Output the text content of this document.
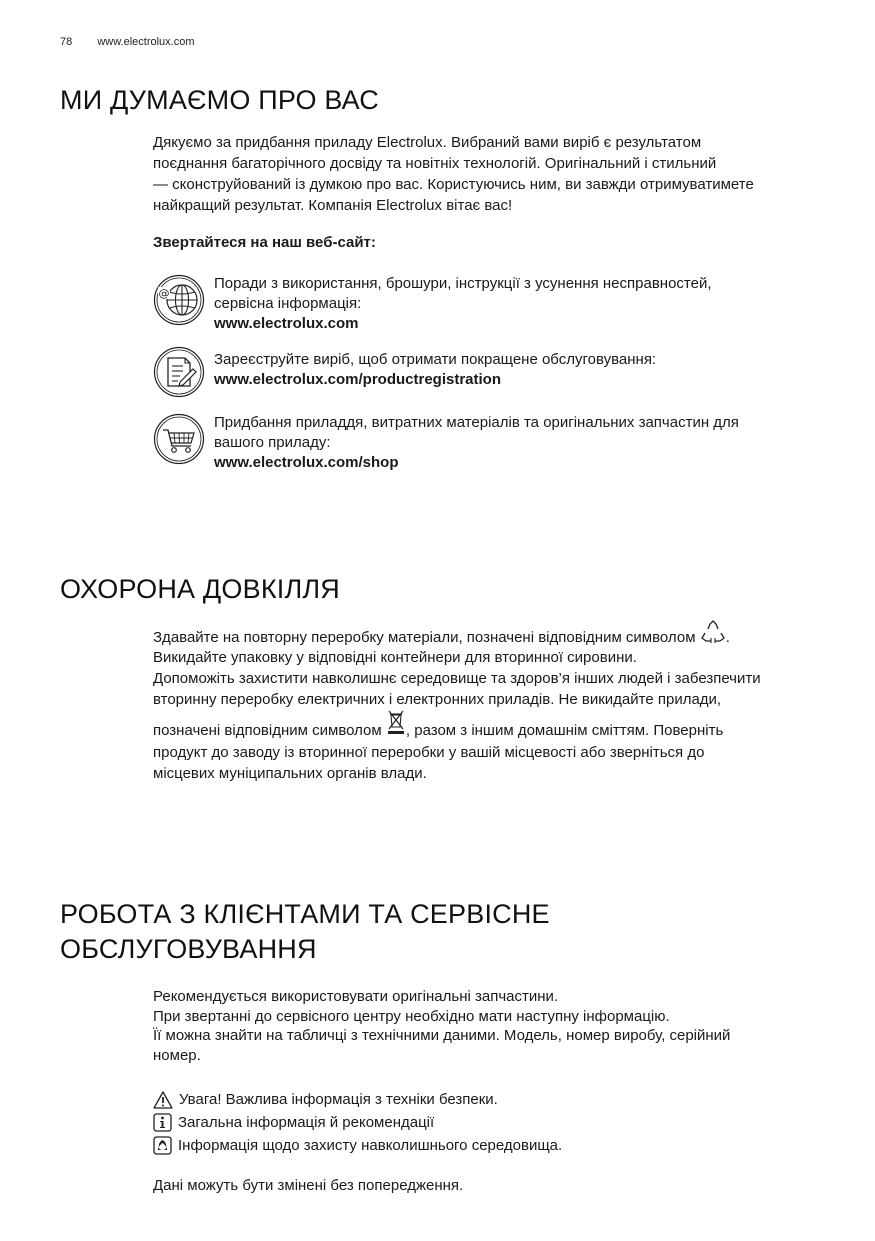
78 www.electrolux.com
МИ ДУМАЄМО ПРО ВАС

Дякуємо за придбання приладу Electrolux. Вибраний вами виріб є результатом

поєднання багаторічного досвіду та новітніх технологій. Оригінальний і стильний

— сконструйований із думкою про вас. Користуючись ним, ви завжди отримуватимете

найкращий результат. Компанія Electrolux вітає вас!

Звертайтеся на наш веб-сайт:
@

Поради з використання, брошури, інструкції з усунення несправностей,

сервісна інформація:

www.electrolux.com

Зареєструйте виріб, щоб отримати покращене обслуговування:

www.electrolux.com/productregistration

Придбання приладдя, витратних матеріалів та оригінальних запчастин для

вашого приладу:

www.electrolux.com/shop

ОХОРОНА ДОВКІЛЛЯ

Здавайте на повторну переробку матеріали, позначені відповідним символом .

Викидайте упаковку у відповідні контейнери для вторинної сировини.

Допоможіть захистити навколишнє середовище та здоров’я інших людей і забезпечити

вторинну переробку електричних і електронних приладів. Не викидайте прилади,

позначені відповідним символом , разом з іншим домашнім сміттям. Поверніть

продукт до заводу із вторинної переробки у вашій місцевості або зверніться до

місцевих муніципальних органів влади.

РОБОТА З КЛІЄНТАМИ ТА СЕРВІСНЕ
ОБСЛУГОВУВАННЯ

Рекомендується використовувати оригінальні запчастини.

При звертанні до сервісного центру необхідно мати наступну інформацію.

Її можна знайти на табличці з технічними даними. Модель, номер виробу, серійний

номер.

Увага! Важлива інформація з техніки безпеки.
Загальна інформація й рекомендації
Інформація щодо захисту навколишнього середовища.
Дані можуть бути змінені без попередження.
